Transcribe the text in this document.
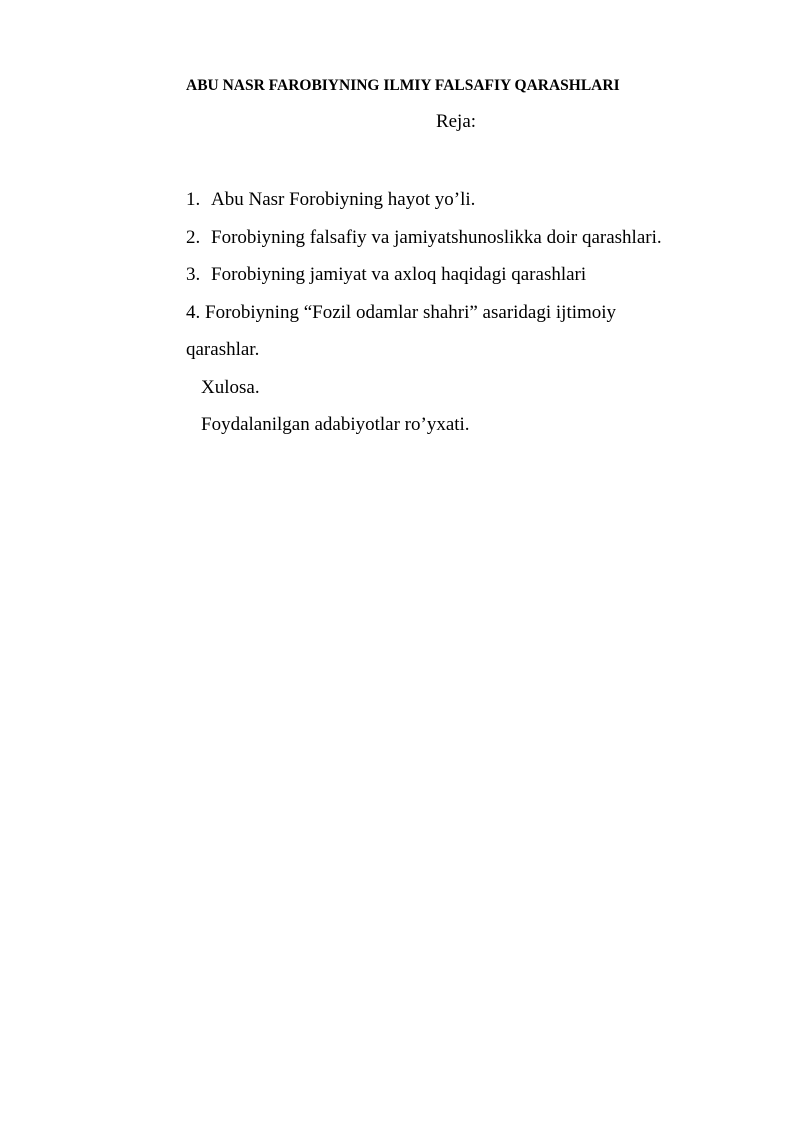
ABU NASR FAROBIYNING ILMIY FALSAFIY QARASHLARI
Reja:
1. Abu Nasr Forobiyning hayot yo’li.
2. Forobiyning falsafiy va jamiyatshunoslikka doir qarashlari.
3. Forobiyning jamiyat va axloq haqidagi qarashlari
4. Forobiyning “Fozil odamlar shahri” asaridagi ijtimoiy
qarashlar.
Xulosa.
Foydalanilgan adabiyotlar ro’yxati.
